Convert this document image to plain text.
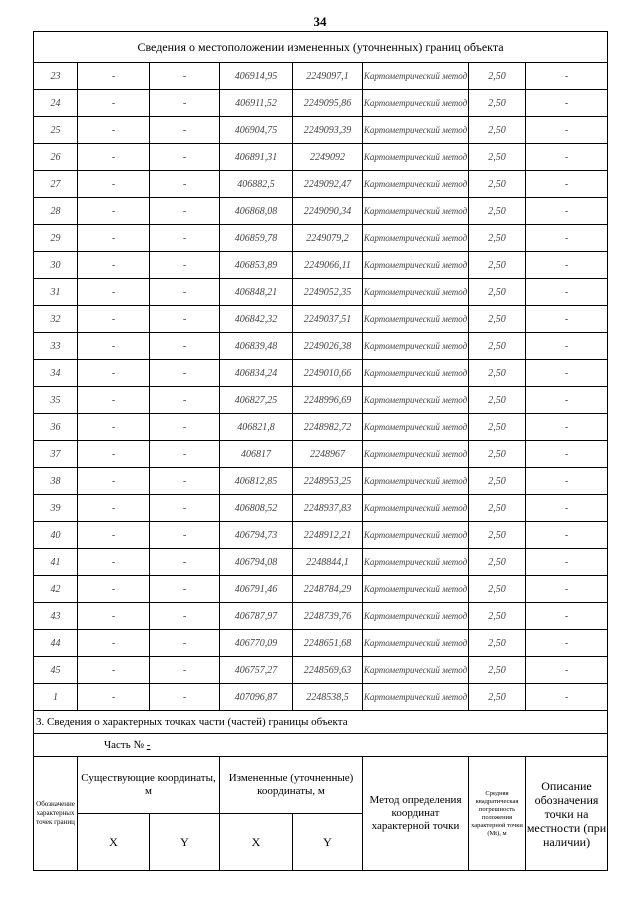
34
Сведения о местоположении измененных (уточненных) границ объекта							
23	-	-	406914,95	2249097,1	Картометрический метод	2,50	-
24	-	-	406911,52	2249095,86	Картометрический метод	2,50	-
25	-	-	406904,75	2249093,39	Картометрический метод	2,50	-
26	-	-	406891,31	2249092	Картометрический метод	2,50	-
27	-	-	406882,5	2249092,47	Картометрический метод	2,50	-
28	-	-	406868,08	2249090,34	Картометрический метод	2,50	-
29	-	-	406859,78	2249079,2	Картометрический метод	2,50	-
30	-	-	406853,89	2249066,11	Картометрический метод	2,50	-
31	-	-	406848,21	2249052,35	Картометрический метод	2,50	-
32	-	-	406842,32	2249037,51	Картометрический метод	2,50	-
33	-	-	406839,48	2249026,38	Картометрический метод	2,50	-
34	-	-	406834,24	2249010,66	Картометрический метод	2,50	-
35	-	-	406827,25	2248996,69	Картометрический метод	2,50	-
36	-	-	406821,8	2248982,72	Картометрический метод	2,50	-
37	-	-	406817	2248967	Картометрический метод	2,50	-
38	-	-	406812,85	2248953,25	Картометрический метод	2,50	-
39	-	-	406808,52	2248937,83	Картометрический метод	2,50	-
40	-	-	406794,73	2248912,21	Картометрический метод	2,50	-
41	-	-	406794,08	2248844,1	Картометрический метод	2,50	-
42	-	-	406791,46	2248784,29	Картометрический метод	2,50	-
43	-	-	406787,97	2248739,76	Картометрический метод	2,50	-
44	-	-	406770,09	2248651,68	Картометрический метод	2,50	-
45	-	-	406757,27	2248569,63	Картометрический метод	2,50	-
1	-	-	407096,87	2248538,5	Картометрический метод	2,50	-
3. Сведения о характерных точках части (частей) границы объекта							
Часть № -							
Обозначение характерных точек границ	Существующие координаты, м		Измененные (уточненные) координаты, м		Метод определения координат характерной точки	Средняя квадратическая погрешность положения характерной точки (Mt), м	Описание обозначения точки на местности (при наличии)
	X	Y	X	Y			
